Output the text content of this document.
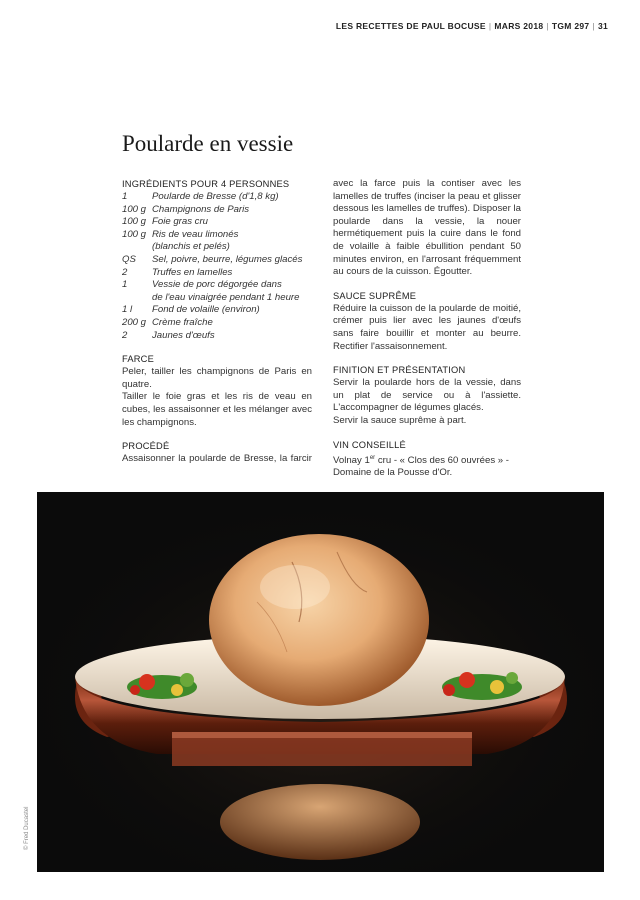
LES RECETTES DE PAUL BOCUSE | MARS 2018 | TGM 297 | 31
Poularde en vessie
INGRÉDIENTS POUR 4 PERSONNES
1	Poularde de Bresse (d'1,8 kg)
100 g Champignons de Paris
100 g Foie gras cru
100 g Ris de veau limonés
(blanchis et pelés)
QS	Sel, poivre, beurre, légumes glacés
2	Truffes en lamelles
1	Vessie de porc dégorgée dans
de l'eau vinaigrée pendant 1 heure
1 l	Fond de volaille (environ)
200 g Crème fraîche
2	Jaunes d'œufs
FARCE

Peler, tailler les champignons de Paris en quatre.

Tailler le foie gras et les ris de veau en cubes, les assaisonner et les mélanger avec les champignons.

PROCÉDÉ

Assaisonner la poularde de Bresse, la farcir

avec la farce puis la contiser avec les lamelles de truffes (inciser la peau et glisser dessous les lamelles de truffes). Disposer la poularde dans la vessie, la nouer hermétiquement puis la cuire dans le fond de volaille à faible ébullition pendant 50 minutes environ, en l'arrosant fréquemment au cours de la cuisson. Égoutter.

SAUCE SUPRÊME

Réduire la cuisson de la poularde de moitié, crémer puis lier avec les jaunes d'œufs sans faire bouillir et monter au beurre. Rectifier l'assaisonnement.

FINITION ET PRÉSENTATION

Servir la poularde hors de la vessie, dans un plat de service ou à l'assiette. L'accompagner de légumes glacés.

Servir la sauce suprême à part.

VIN CONSEILLÉ

Volnay 1er cru - « Clos des 60 ouvrées » - Domaine de la Pousse d'Or.

© Fred Ducastel
